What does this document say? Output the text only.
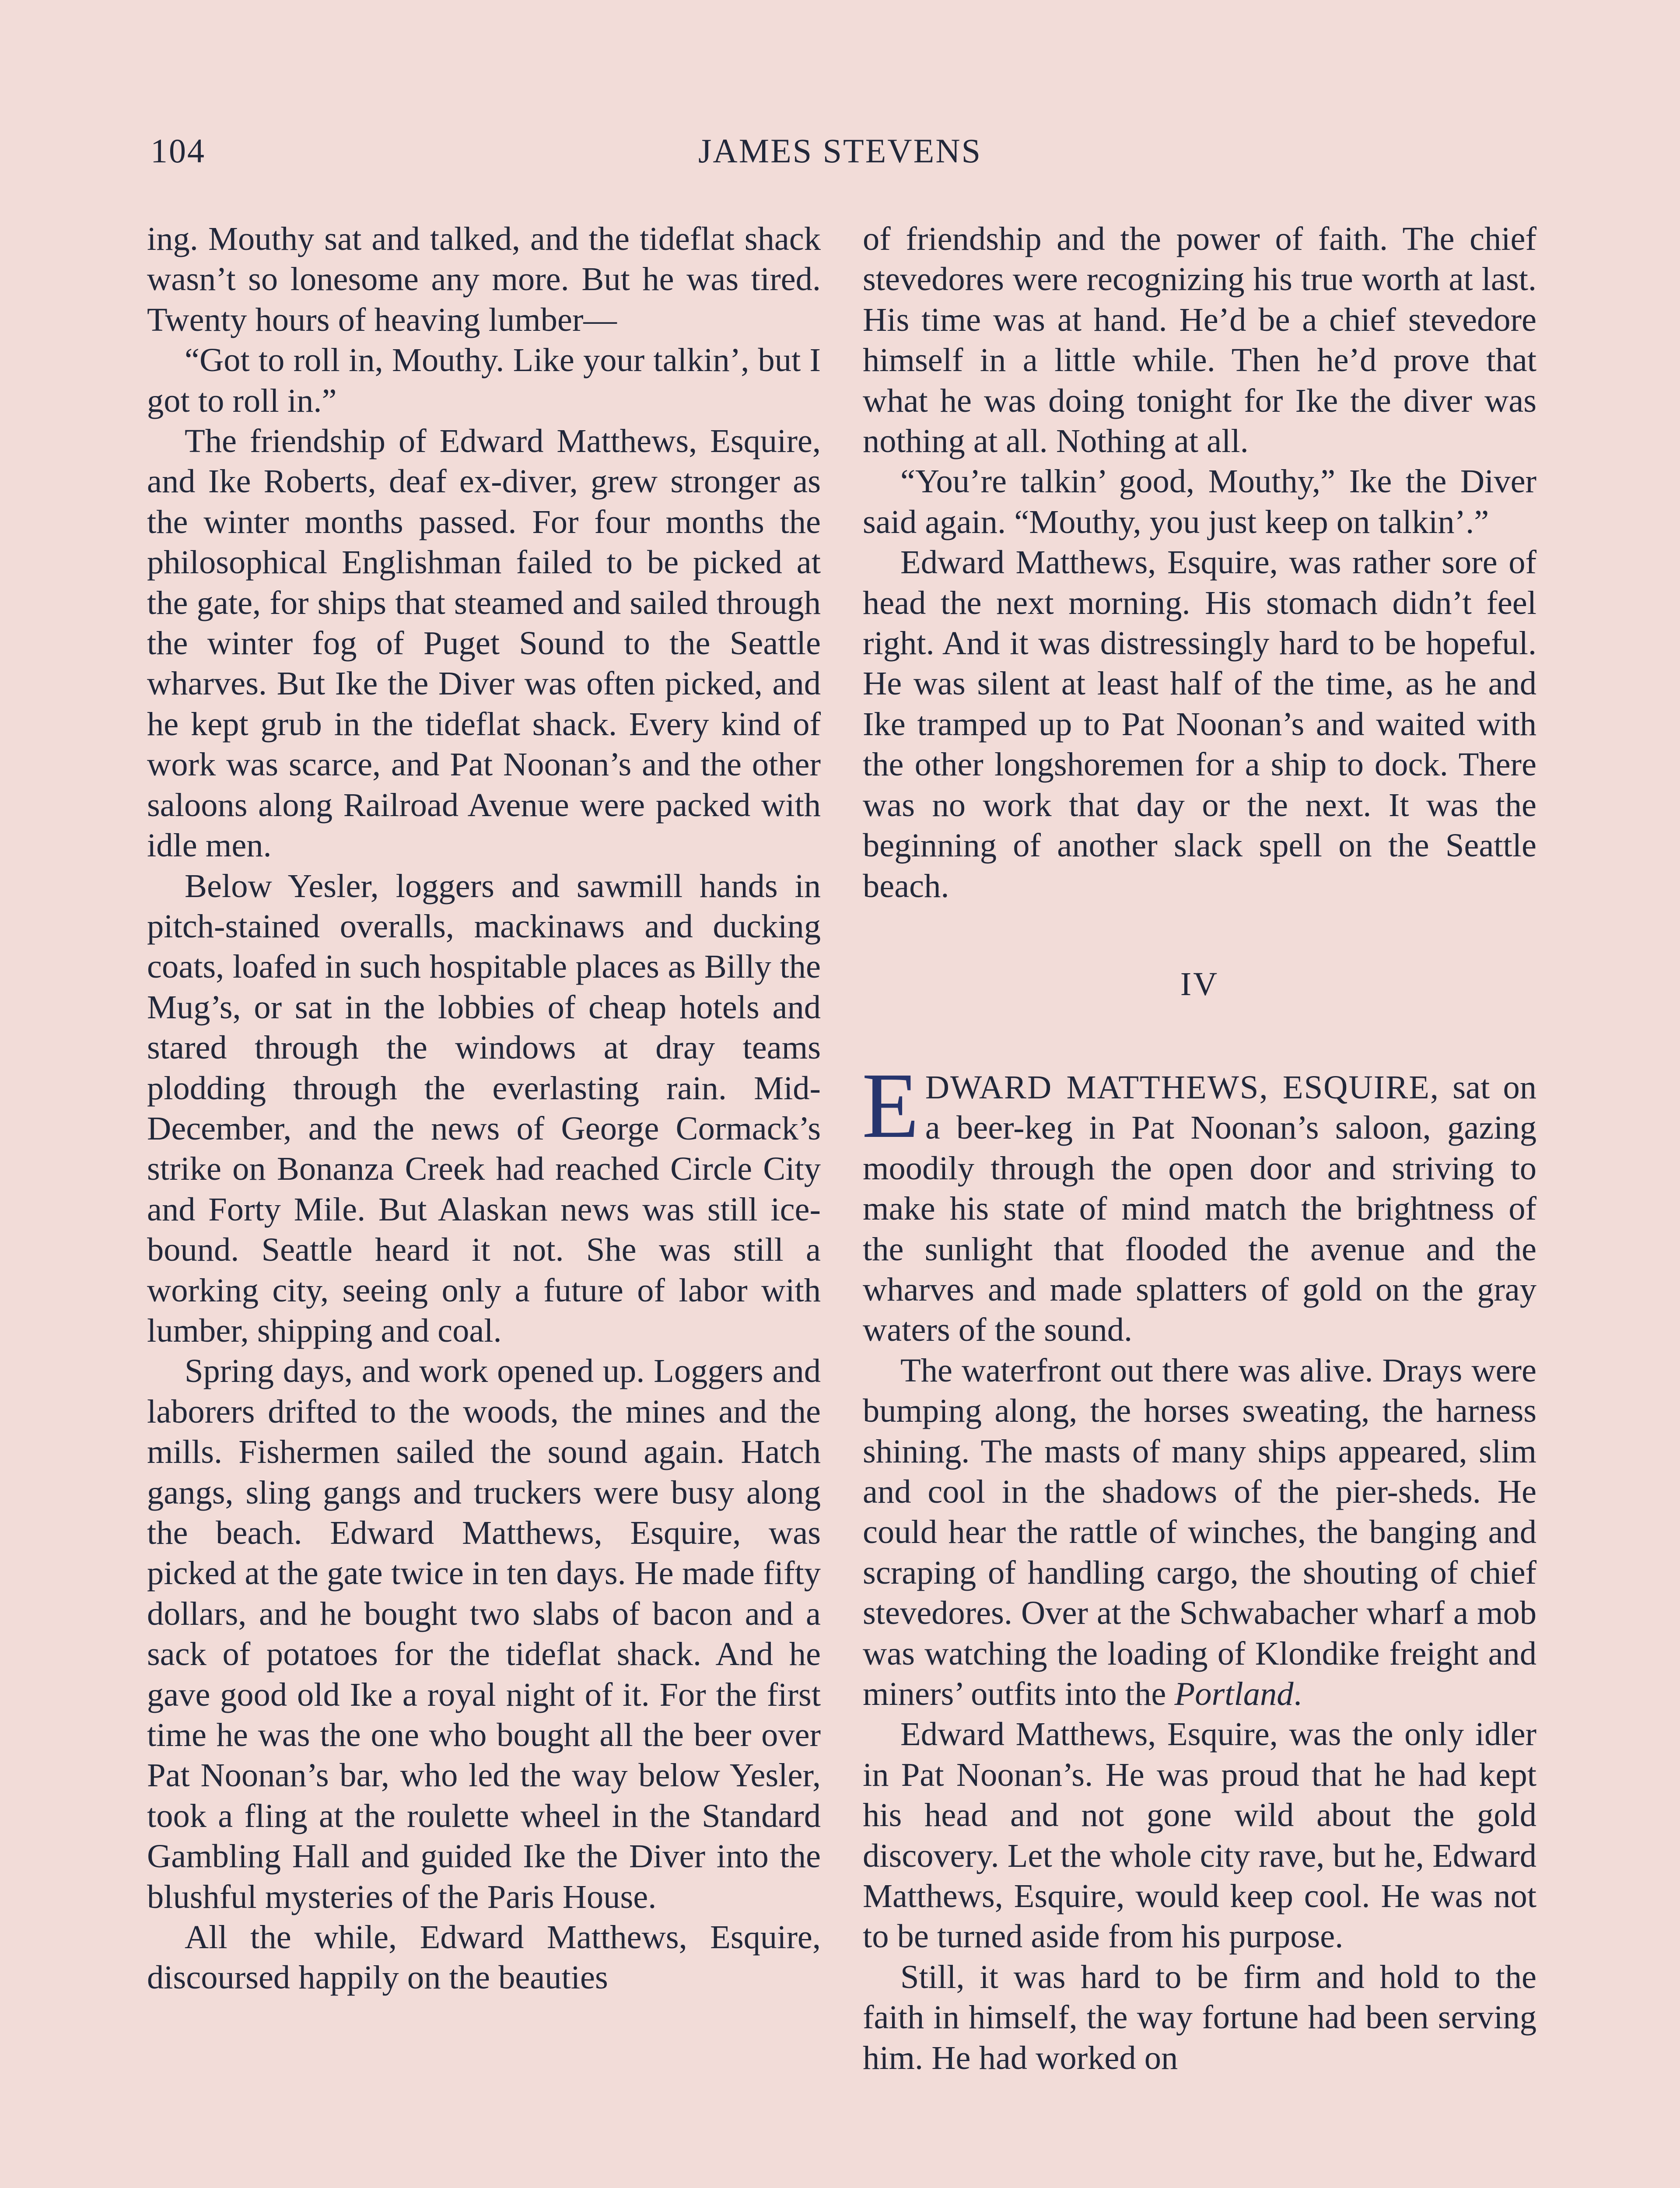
104	JAMES STEVENS

ing. Mouthy sat and talked, and the tideflat shack wasn’t so lonesome any more. But he was tired. Twenty hours of heaving lumber—

“Got to roll in, Mouthy. Like your talkin’, but I got to roll in.”

The friendship of Edward Matthews, Esquire, and Ike Roberts, deaf ex-diver, grew stronger as the winter months passed. For four months the philosophical Englishman failed to be picked at the gate, for ships that steamed and sailed through the winter fog of Puget Sound to the Seattle wharves. But Ike the Diver was often picked, and he kept grub in the tideflat shack. Every kind of work was scarce, and Pat Noonan’s and the other saloons along Railroad Avenue were packed with idle men.

Below Yesler, loggers and sawmill hands in pitch-stained overalls, mackinaws and ducking coats, loafed in such hospitable places as Billy the Mug’s, or sat in the lobbies of cheap hotels and stared through the windows at dray teams plodding through the everlasting rain. Mid-December, and the news of George Cormack’s strike on Bonanza Creek had reached Circle City and Forty Mile. But Alaskan news was still ice-bound. Seattle heard it not. She was still a working city, seeing only a future of labor with lumber, shipping and coal.

Spring days, and work opened up. Loggers and laborers drifted to the woods, the mines and the mills. Fishermen sailed the sound again. Hatch gangs, sling gangs and truckers were busy along the beach. Edward Matthews, Esquire, was picked at the gate twice in ten days. He made fifty dollars, and he bought two slabs of bacon and a sack of potatoes for the tideflat shack. And he gave good old Ike a royal night of it. For the first time he was the one who bought all the beer over Pat Noonan’s bar, who led the way below Yesler, took a fling at the roulette wheel in the Standard Gambling Hall and guided Ike the Diver into the blushful mysteries of the Paris House.

All the while, Edward Matthews, Esquire, discoursed happily on the beauties

of friendship and the power of faith. The chief stevedores were recognizing his true worth at last. His time was at hand. He’d be a chief stevedore himself in a little while. Then he’d prove that what he was doing tonight for Ike the diver was nothing at all. Nothing at all.

“You’re talkin’ good, Mouthy,” Ike the Diver said again. “Mouthy, you just keep on talkin’.”

Edward Matthews, Esquire, was rather sore of head the next morning. His stomach didn’t feel right. And it was distressingly hard to be hopeful. He was silent at least half of the time, as he and Ike tramped up to Pat Noonan’s and waited with the other longshoremen for a ship to dock. There was no work that day or the next. It was the beginning of another slack spell on the Seattle beach.

IV

EDWARD MATTHEWS, ESQUIRE, sat on a beer-keg in Pat Noonan’s saloon, gazing moodily through the open door and striving to make his state of mind match the brightness of the sunlight that flooded the avenue and the wharves and made splatters of gold on the gray waters of the sound.

The waterfront out there was alive. Drays were bumping along, the horses sweating, the harness shining. The masts of many ships appeared, slim and cool in the shadows of the pier-sheds. He could hear the rattle of winches, the banging and scraping of handling cargo, the shouting of chief stevedores. Over at the Schwabacher wharf a mob was watching the loading of Klondike freight and miners’ outfits into the Portland.

Edward Matthews, Esquire, was the only idler in Pat Noonan’s. He was proud that he had kept his head and not gone wild about the gold discovery. Let the whole city rave, but he, Edward Matthews, Esquire, would keep cool. He was not to be turned aside from his purpose.

Still, it was hard to be firm and hold to the faith in himself, the way fortune had been serving him. He had worked on
